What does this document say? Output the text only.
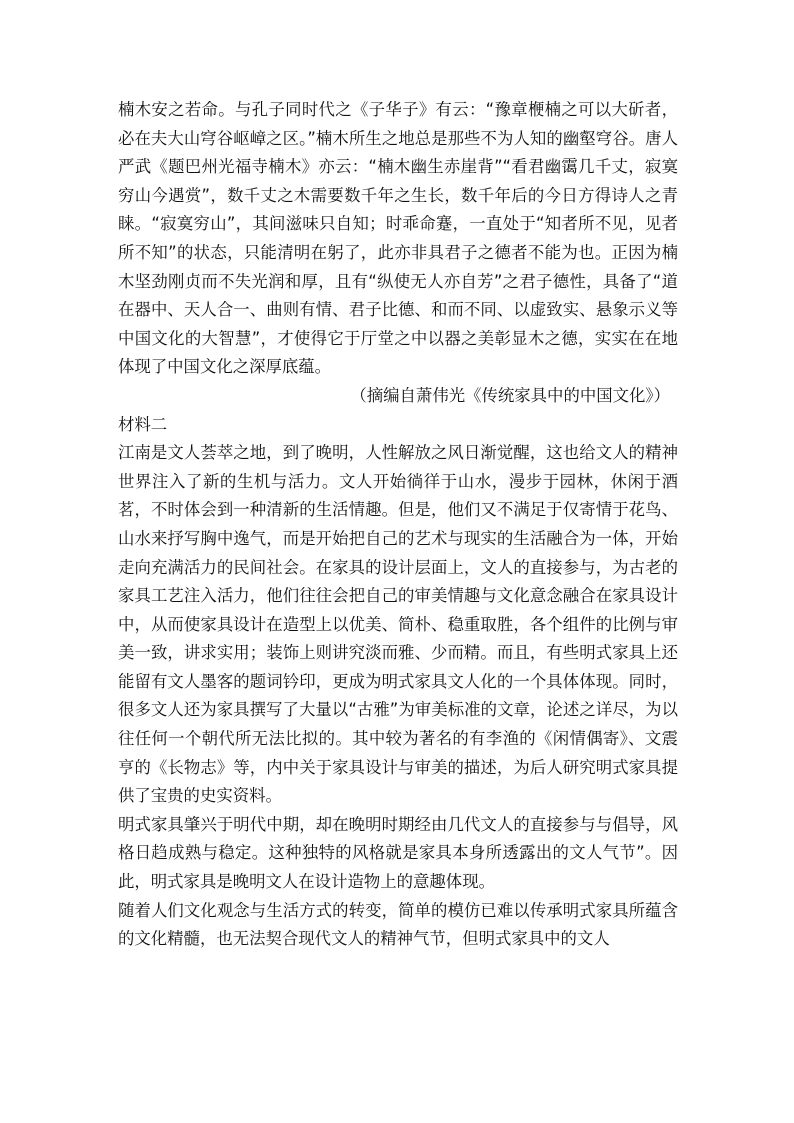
楠木安之若命。与孔子同时代之《子华子》有云：“豫章楩楠之可以大斫者，必在夫大山穹谷岖嶂之区。”楠木所生之地总是那些不为人知的幽壑穹谷。唐人严武《题巴州光福寺楠木》亦云：“楠木幽生赤崖背”“看君幽霭几千丈，寂寞穷山今遇赏”，数千丈之木需要数千年之生长，数千年后的今日方得诗人之青睐。“寂寞穷山”，其间滋味只自知；时乖命蹇，一直处于“知者所不见，见者所不知”的状态，只能清明在躬了，此亦非具君子之德者不能为也。正因为楠木坚劲刚贞而不失光润和厚，且有“纵使无人亦自芳”之君子德性，具备了“道在器中、天人合一、曲则有情、君子比德、和而不同、以虚致实、悬象示义等中国文化的大智慧”，才使得它于厅堂之中以器之美彰显木之德，实实在在地体现了中国文化之深厚底蕴。

（摘编自萧伟光《传统家具中的中国文化》）

材料二

江南是文人荟萃之地，到了晚明，人性解放之风日渐觉醒，这也给文人的精神世界注入了新的生机与活力。文人开始徜徉于山水，漫步于园林，休闲于酒茗，不时体会到一种清新的生活情趣。但是，他们又不满足于仅寄情于花鸟、山水来抒写胸中逸气，而是开始把自己的艺术与现实的生活融合为一体，开始走向充满活力的民间社会。在家具的设计层面上，文人的直接参与，为古老的家具工艺注入活力，他们往往会把自己的审美情趣与文化意念融合在家具设计中，从而使家具设计在造型上以优美、简朴、稳重取胜，各个组件的比例与审美一致，讲求实用；装饰上则讲究淡而雅、少而精。而且，有些明式家具上还能留有文人墨客的题词钤印，更成为明式家具文人化的一个具体体现。同时，很多文人还为家具撰写了大量以“古雅”为审美标准的文章，论述之详尽，为以往任何一个朝代所无法比拟的。其中较为著名的有李渔的《闲情偶寄》、文震亨的《长物志》等，内中关于家具设计与审美的描述，为后人研究明式家具提供了宝贵的史实资料。

明式家具肇兴于明代中期，却在晚明时期经由几代文人的直接参与与倡导，风格日趋成熟与稳定。这种独特的风格就是家具本身所透露出的文人气节”。因此，明式家具是晚明文人在设计造物上的意趣体现。

随着人们文化观念与生活方式的转变，简单的模仿已难以传承明式家具所蕴含的文化精髓，也无法契合现代文人的精神气节，但明式家具中的文人
